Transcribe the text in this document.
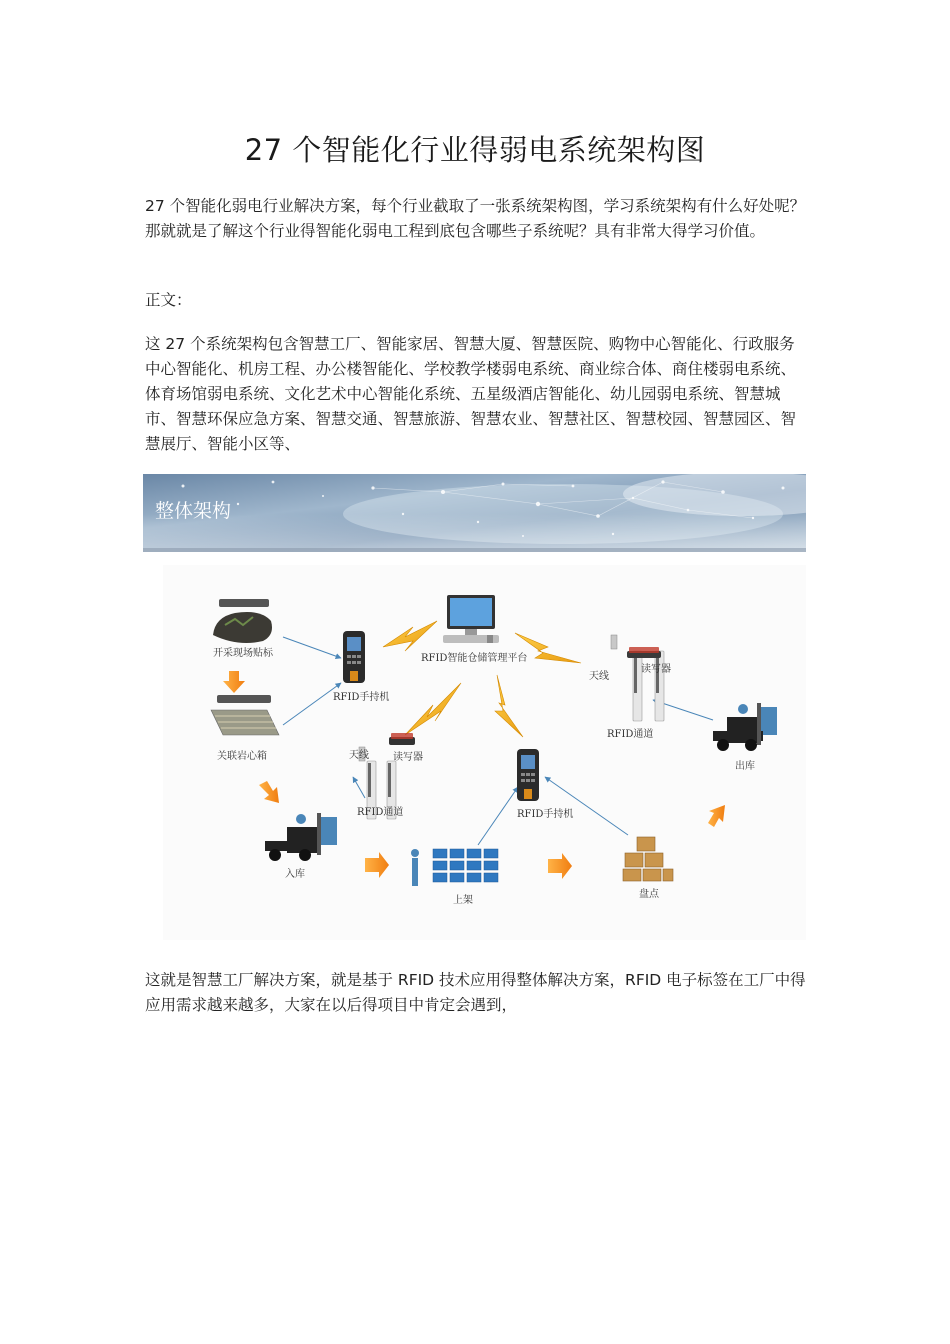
27 个智能化行业得弱电系统架构图

27 个智能化弱电行业解决方案，每个行业截取了一张系统架构图，学习系统架构有什么好处呢？那就就是了解这个行业得智能化弱电工程到底包含哪些子系统呢？具有非常大得学习价值。

正文：

这 27 个系统架构包含智慧工厂、智能家居、智慧大厦、智慧医院、购物中心智能化、行政服务中心智能化、机房工程、办公楼智能化、学校教学楼弱电系统、商业综合体、商住楼弱电系统、体育场馆弱电系统、文化艺术中心智能化系统、五星级酒店智能化、幼儿园弱电系统、智慧城市、智慧环保应急方案、智慧交通、智慧旅游、智慧农业、智慧社区、智慧校园、智慧园区、智慧展厅、智能小区等、

整体架构
开采现场贴标
关联岩心箱
RFID手持机
RFID智能仓储管理平台
天线
读写器
RFID通道
出库
天线 读写器
RFID通道	RFID手持机
入库
上架
盘点

这就是智慧工厂解决方案，就是基于 RFID 技术应用得整体解决方案，RFID 电子标签在工厂中得应用需求越来越多，大家在以后得项目中肯定会遇到，
